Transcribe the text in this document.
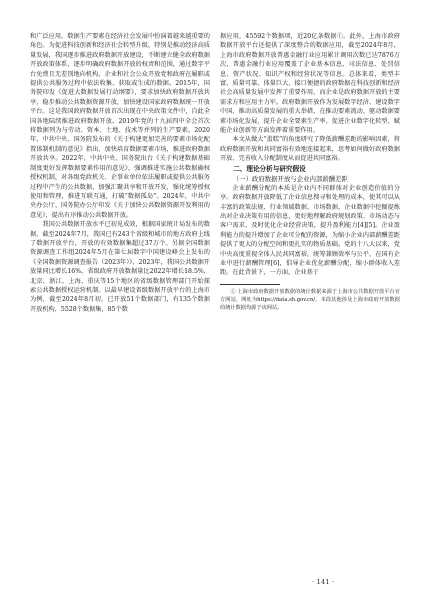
和广泛应用，数据生产要素在经济社会发展中扮演着越来越重要的角色。为促进科技创新和经济社会转型升级，特别是推动经济高质量发展，我国逐步推进政府数据开放建设，不断建立健全政府数据开放政策体系，逐步明确政府数据开放的权责和范围，通过数字平台免费且无差别地向机构、企业和社会公众开放党和政府在履职或提供公共服务过程中依法收集、获取或生成的数据。2015年，国务院印发《促进大数据发展行动纲要》，要求加快政府数据开放共享，稳步推动公共数据资源开放，加快建设国家政府数据统一开放平台。这是我国政府数据开放首次出现在中央政策文件中，自此全国各地陆续推进政府数据开放。2019年党的十九届四中全会首次将数据列为与劳动、资本、土地、技术等并列的生产要素。2020年，中共中央、国务院发布的《关于构建更加完善的要素市场化配置体制机制的意见》指出，加快培育数据要素市场，推进政府数据开放共享。2022年，中共中央、国务院出台《关于构建数据基础制度更好发挥数据要素作用的意见》，强调推进实施公共数据确权授权机制，对各级党政机关、企事业单位依法履职或提供公共服务过程中产生的公共数据，加强汇聚共享和开放开发，强化统筹授权使用和管理，推进互联互通，打破“数据孤岛”。2024年，中共中央办公厅、国务院办公厅印发《关于加快公共数据资源开发利用的意见》，提出有序推动公共数据开放。

我国公共数据开放水平已初见成效，根据国家统计局发布的数据，截至2024年7月，我国已有243个省级和城市的地方政府上线了数据开放平台，开放的有效数据集超过37万个。另据全国数据资源调查工作组2024年5月在第七届数字中国建设峰会上发布的《全国数据资源调查报告（2023年）》，2023年，我国公共数据开放量同比增长16%，省级政府开放数据量比2022年增长18.5%，北京、浙江、上海、重庆等15个地区的省级数据管理部门开始探索公共数据授权运营机制。以最早建设省级数据开放平台的上海市为例，截至2024年8月初，已开放51个数据部门，有135个数据开放机构，5528个数据集，85个数

据应用，45592个数据项，近20亿条数据①。此外，上海市政府数据开放平台还提供了深度整合的数据应用，截至2024年8月，上海市政府数据开放普惠金融行业应用累计调用次数已达7876万次，普惠金融行业应用覆盖了企业基本信息、司法信息、处罚信息、资产状况、知识产权和经营状况等信息。总体来看，类型丰富、质量可靠、体量巨大、接口便捷的政府数据在科技创新和经济社会高质量发展中发挥了重要作用，而企业是政府数据开放的主要需求方和应用主力军。政府数据开放作为发展数字经济、建设数字中国、推动高质量发展的重大举措，在推动要素流动、驱动数据要素市场化发展、提升企业全要素生产率、促进企业数字化转型、赋能企业创新等方面发挥着重要作用。

本文从做大“蛋糕”的角度研究了降低薪酬差距的影响因素，将政府数据开放和共同富裕有效地连接起来，思考如何做好政府数据开放、完善收入分配制度从而促进共同富裕。

二、理论分析与研究假设

（一）政府数据开放与企业内部薪酬差距

企业薪酬分配的本质是企业内不同群体对企业创造价值的分享。政府数据开放降低了企业信息搜寻和处理的成本，使其可以从丰富的政策法规、行业领域数据、市场数据、企业数据中挖掘提炼出对企业决策有用的信息，更好地理解政府规划政策、市场动态与客户需求，及时优化企业经营决策，提升盈利能力[4][5]。企业盈利能力的提升增加了企业可分配的资源，为缩小企业内部薪酬差距提供了更大的分配空间和更扎实的物质基础。党的十八大以来，党中央高度重视全体人民共同富裕，统筹兼顾效率与公平，在国有企业中进行薪酬管理[6]，倡导企业优化薪酬分配，缩小群体收入差距。在此背景下，一方面，企业基于

① 上海市政府数据开放数据的统计数据来源于上海市公共数据开放平台官方网站，网址为https://data.sh.gov.cn/。本段其他涉及上海市政府开放数据的统计数据均源于该网站。

· 141 ·
